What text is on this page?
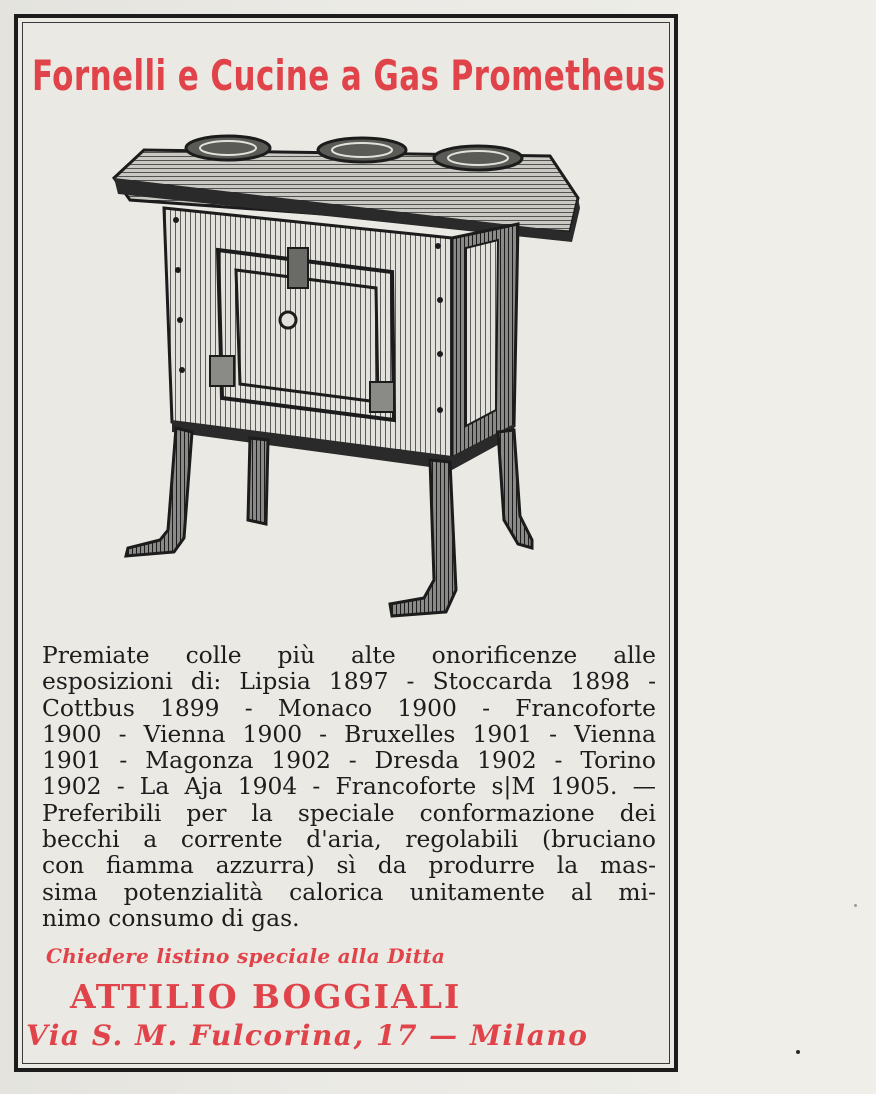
Fornelli e Cucine a Gas Prometheus
Premiate colle più alte onorificenze alle
esposizioni di: Lipsia 1897 - Stoccarda 1898 -
Cottbus 1899 - Monaco 1900 - Francoforte
1900 - Vienna 1900 - Bruxelles 1901 - Vienna
1901 - Magonza 1902 - Dresda 1902 - Torino
1902 - La Aja 1904 - Francoforte s|M 1905. —
Preferibili per la speciale conformazione dei
becchi a corrente d'aria, regolabili (bruciano
con fiamma azzurra) sì da produrre la mas-
sima potenzialità calorica unitamente al mi-
nimo consumo di gas.
Chiedere listino speciale alla Ditta
ATTILIO BOGGIALI
Via S. M. Fulcorina, 17 — Milano
